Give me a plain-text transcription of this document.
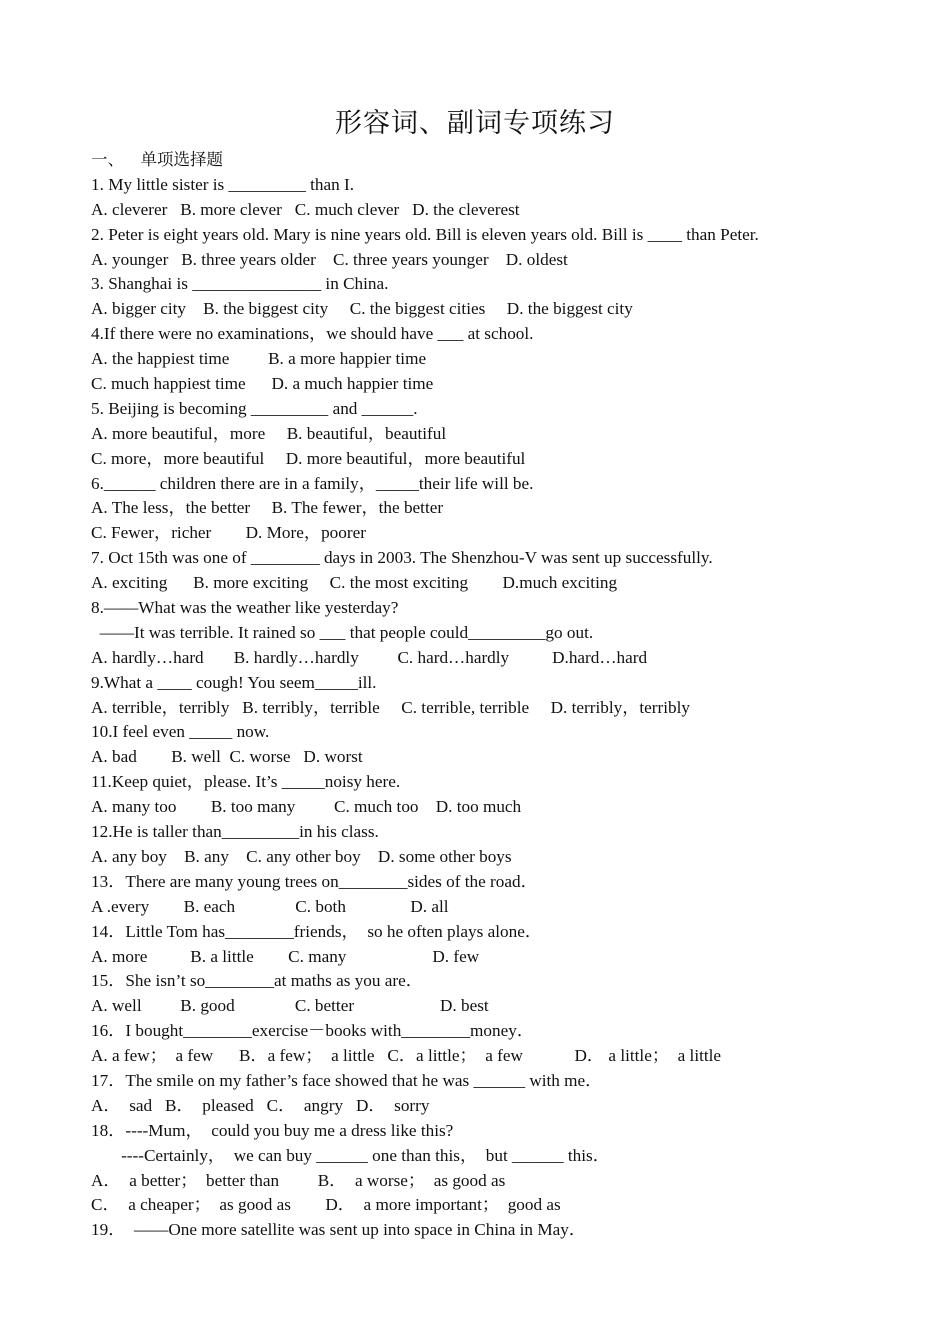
形容词、副词专项练习
一、    单项选择题
1. My little sister is _________ than I.
A. cleverer   B. more clever   C. much clever   D. the cleverest
2. Peter is eight years old. Mary is nine years old. Bill is eleven years old. Bill is ____ than Peter.
A. younger   B. three years older    C. three years younger    D. oldest
3. Shanghai is _______________ in China.
A. bigger city    B. the biggest city     C. the biggest cities     D. the biggest city
4.If there were no examinations，we should have ___ at school.
A. the happiest time         B. a more happier time
C. much happiest time      D. a much happier time
5. Beijing is becoming _________ and ______.
A. more beautiful，more     B. beautiful，beautiful
C. more，more beautiful     D. more beautiful，more beautiful
6.______ children there are in a family，_____their life will be.
A. The less，the better     B. The fewer，the better
C. Fewer，richer        D. More，poorer
7. Oct 15th was one of ________ days in 2003. The Shenzhou-V was sent up successfully.
A. exciting      B. more exciting     C. the most exciting        D.much exciting
8.——What was the weather like yesterday?
——It was terrible. It rained so ___ that people could_________go out.
A. hardly…hard       B. hardly…hardly         C. hard…hardly          D.hard…hard
9.What a ____ cough! You seem_____ill.
A. terrible，terribly   B. terribly，terrible     C. terrible, terrible     D. terribly，terribly
10.I feel even _____ now.
A. bad        B. well  C. worse   D. worst
11.Keep quiet，please. It’s _____noisy here.
A. many too        B. too many         C. much too    D. too much
12.He is taller than_________in his class.
A. any boy    B. any    C. any other boy    D. some other boys
13．There are many young trees on________sides of the road．
A .every        B. each              C. both               D. all
14．Little Tom has________friends，  so he often plays alone．
A. more          B. a little        C. many                    D. few
15．She isn’t so________at maths as you are．
A. well         B. good              C. better                    D. best
16．I bought________exercise－books with________money．
A. a few；  a few      B．a few；  a little   C．a little；  a few            D． a little；  a little
17．The smile on my father’s face showed that he was ______ with me．
A．  sad   B．  pleased   C．  angry   D．  sorry
18．----Mum，  could you buy me a dress like this?
----Certainly，  we can buy ______ one than this，  but ______ this．
A．  a better；  better than         B．  a worse；  as good as
C．  a cheaper；  as good as        D．  a more important；  good as
19．  ——One more satellite was sent up into space in China in May．
